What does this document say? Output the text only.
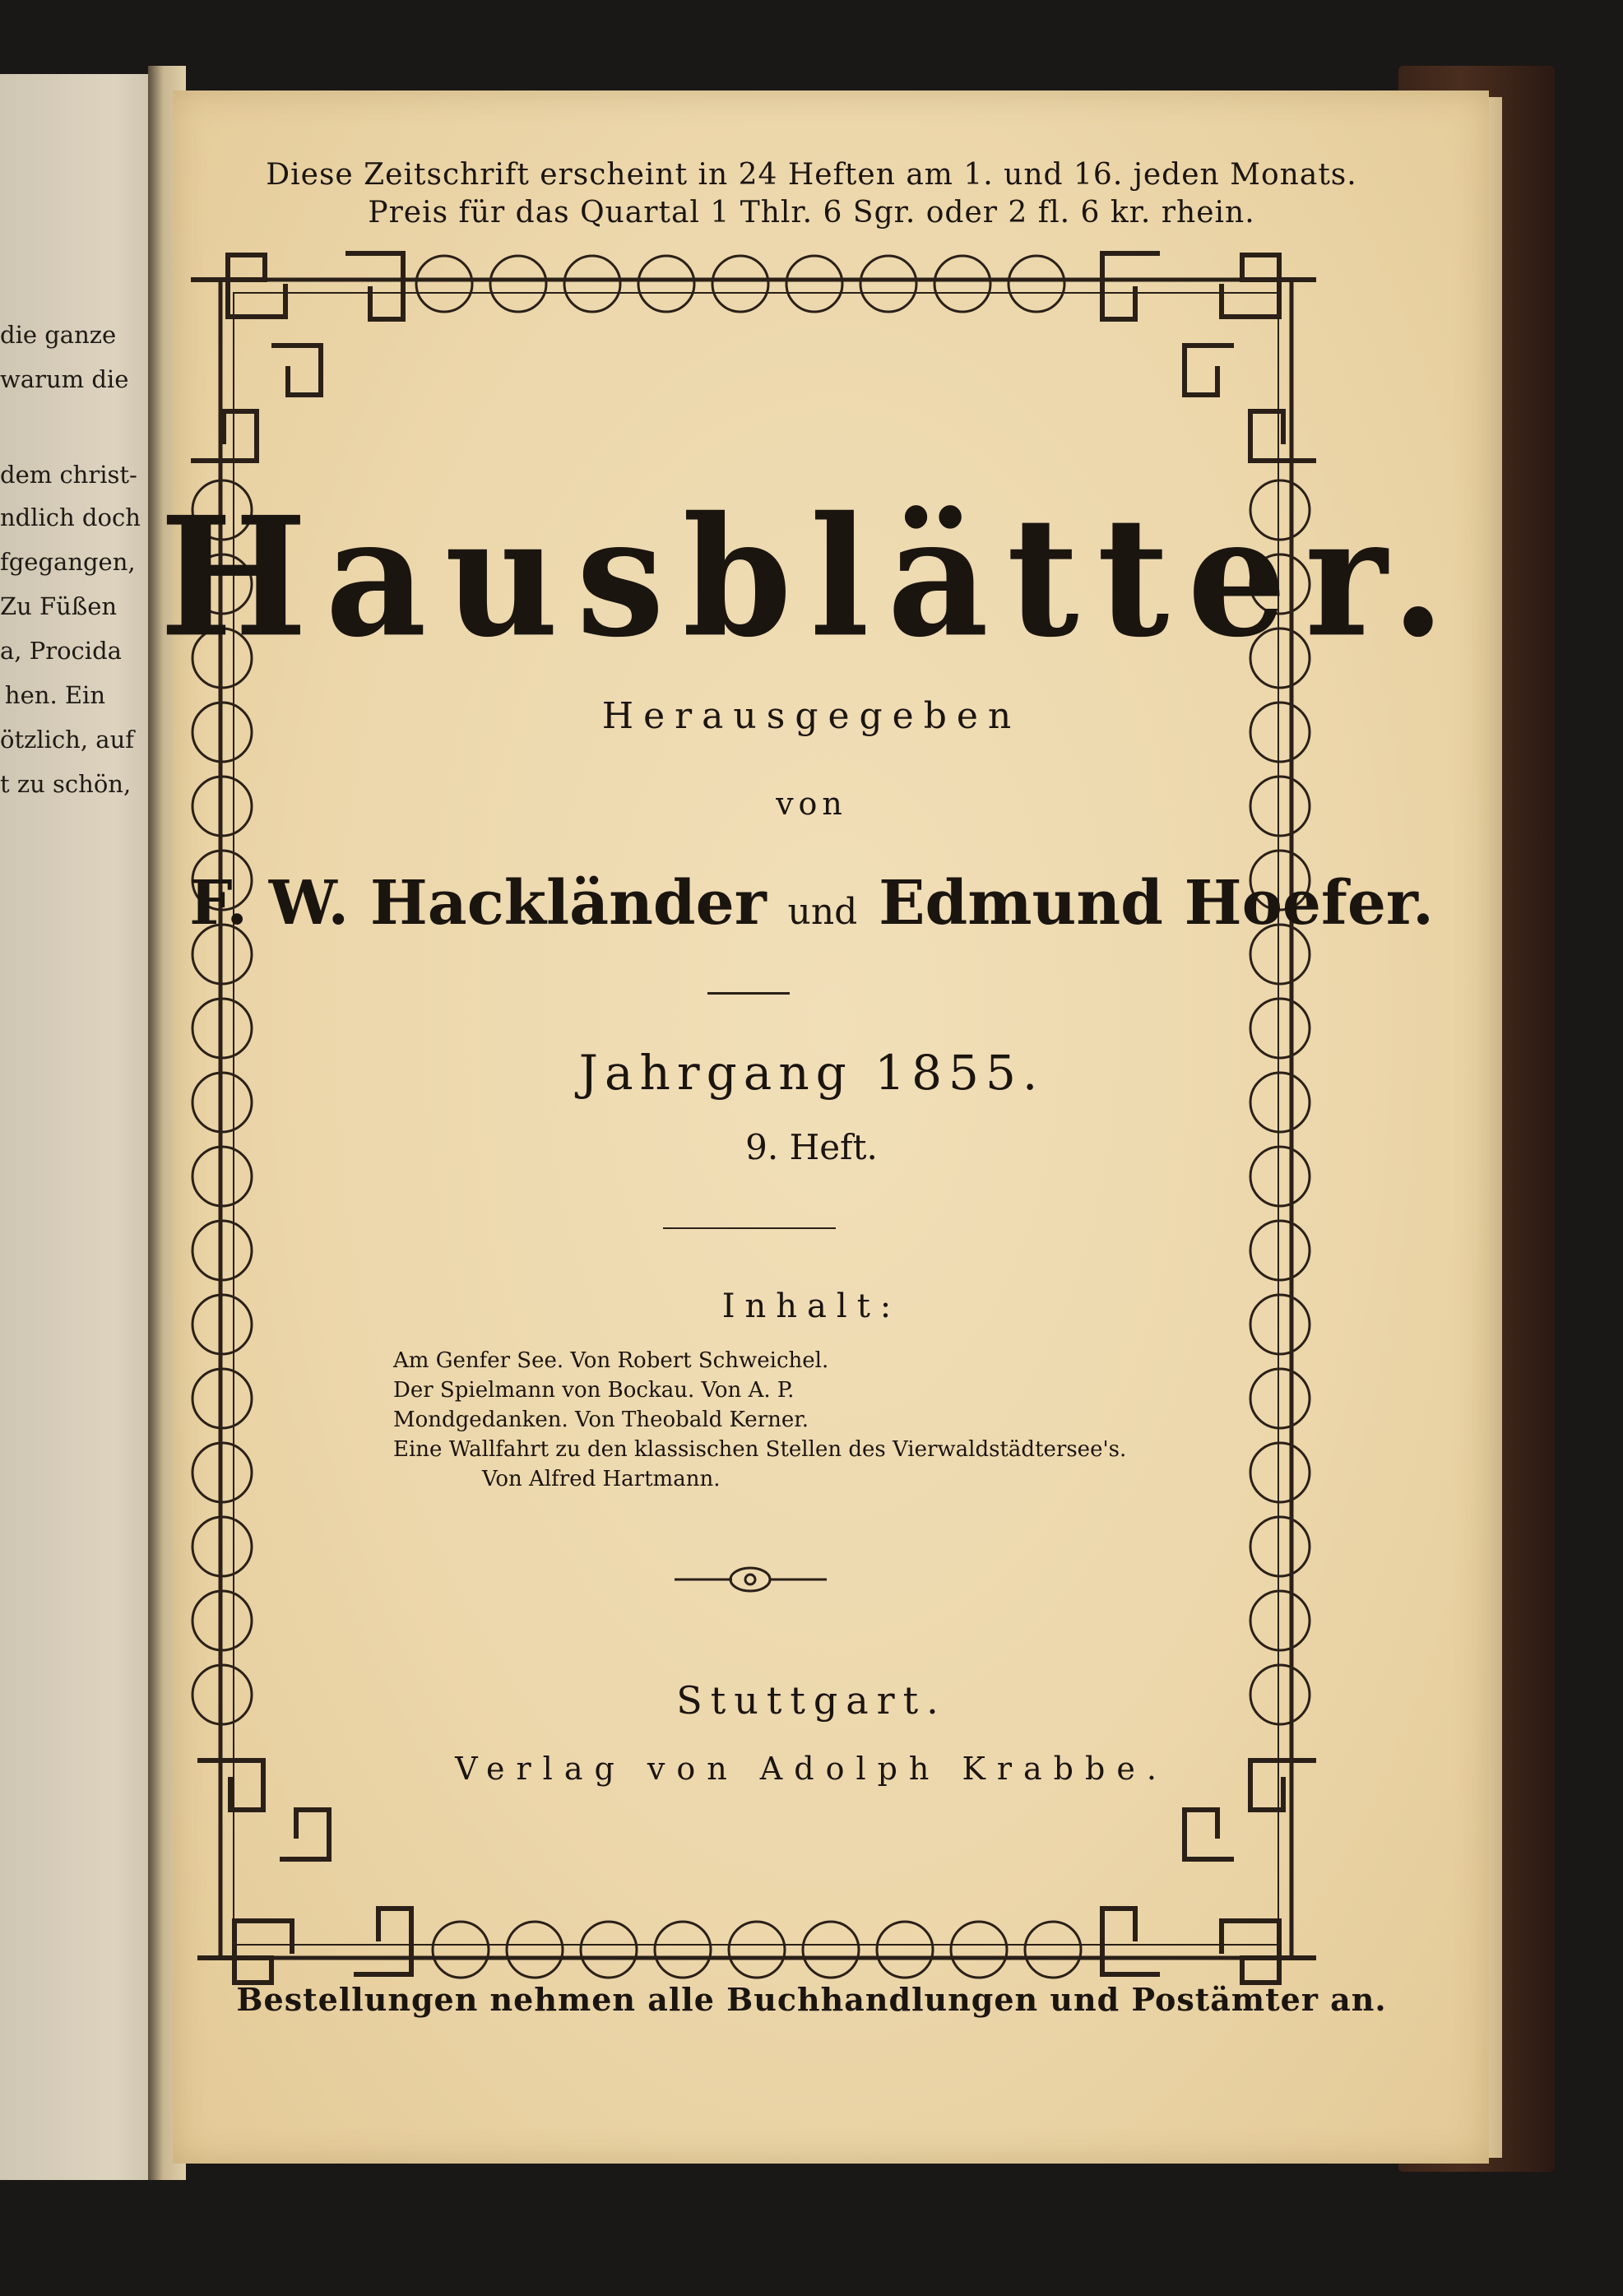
die ganze
warum die
dem christ-
ndlich doch
fgegangen,
Zu Füßen
a, Procida
hen. Ein
ötzlich, auf
t zu schön,
Diese Zeitschrift erscheint in 24 Heften am 1. und 16. jeden Monats.
Preis für das Quartal 1 Thlr. 6 Sgr. oder 2 fl. 6 kr. rhein.
Hausblätter.
Herausgegeben
von
F. W. Hackländer und Edmund Hoefer.
Jahrgang 1855.
9. Heft.
Inhalt:
Am Genfer See. Von Robert Schweichel.
Der Spielmann von Bockau. Von A. P.
Mondgedanken. Von Theobald Kerner.
Eine Wallfahrt zu den klassischen Stellen des Vierwaldstädtersee's.
Von Alfred Hartmann.
Stuttgart.
Verlag von Adolph Krabbe.
Bestellungen nehmen alle Buchhandlungen und Postämter an.
